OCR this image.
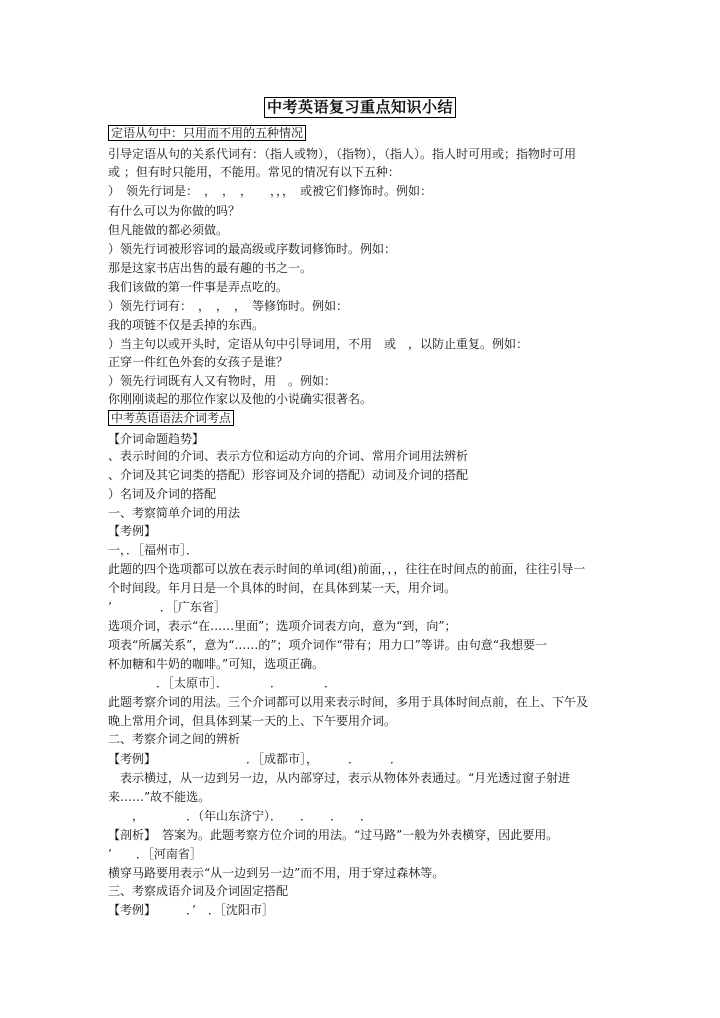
中考英语复习重点知识小结
定语从句中：只用而不用的五种情况
引导定语从句的关系代词有：（指人或物），（指物），（指人）。指人时可用或；指物时可用
或 ；但有时只能用，不能用。常见的情况有以下五种：
）　领先行词是：　，　，　，　　，，，　或被它们修饰时。例如：
有什么可以为你做的吗？
但凡能做的都必须做。
）领先行词被形容词的最高级或序数词修饰时。例如：
那是这家书店出售的最有趣的书之一。
我们该做的第一件事是弄点吃的。
）领先行词有：　，　，　，　等修饰时。例如：
我的项链不仅是丢掉的东西。
）当主句以或开头时，定语从句中引导词用，不用　或　，以防止重复。例如：
正穿一件红色外套的女孩子是谁？
）领先行词既有人又有物时，用　。例如：
你刚刚谈起的那位作家以及他的小说确实很著名。
中考英语语法介词考点
【介词命题趋势】
、表示时间的介词、表示方位和运动方向的介词、常用介词用法辨析
、介词及其它词类的搭配）形容词及介词的搭配）动词及介词的搭配
）名词及介词的搭配
一、考察简单介词的用法
【考例】
一，．［福州市］．
此题的四个选项都可以放在表示时间的单词(组)前面，，，往往在时间点的前面，往往引导一
个时间段。年月日是一个具体的时间，在具体到某一天，用介词。
’　　　　．［广东省］
选项介词，表示“在……里面”；选项介词表方向，意为“到，向”；
项表“所属关系”，意为“……的”；项介词作“带有；用力口”等讲。由句意“我想要一
杯加糖和牛奶的咖啡。”可知，选项正确。
　　　　．［太原市］．　　　　．　　　　．
此题考察介词的用法。三个介词都可以用来表示时间，多用于具体时间点前，在上、下午及
晚上常用介词，但具体到某一天的上、下午要用介词。
二、考察介词之间的辨析
【考例】　　　　　　　　．［成都市］，　　　．　　　．
　表示横过，从一边到另一边，从内部穿过，表示从物体外表通过。“月光透过窗子射进
来……”故不能选。
　　，　　　　．（年山东济宁）．　　．　　．　　．
【剖析】　答案为。此题考察方位介词的用法。“过马路”一般为外表横穿，因此要用。
’　　．［河南省］
横穿马路要用表示“从一边到另一边”而不用，用于穿过森林等。
三、考察成语介词及介词固定搭配
【考例】　　　．’　．［沈阳市］
